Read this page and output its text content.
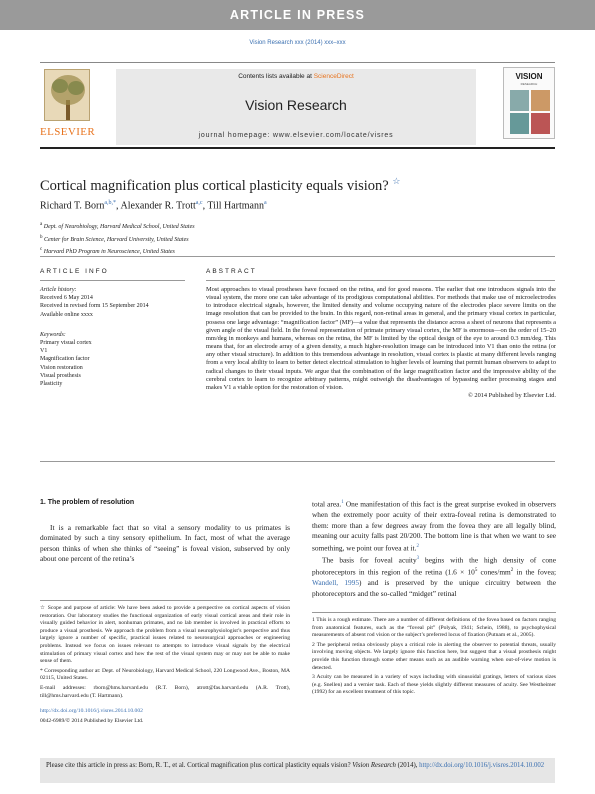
ARTICLE IN PRESS
Vision Research xxx (2014) xxx–xxx
ELSEVIER
Contents lists available at ScienceDirect
Vision Research
journal homepage: www.elsevier.com/locate/visres
VISION
RESEARCH
Cortical magnification plus cortical plasticity equals vision? ☆
Richard T. Born$^{a,b,*}$, Alexander R. Trott$^{a,c}$, Till Hartmann$^a$
$^a$ Dept. of Neurobiology, Harvard Medical School, United States
$^b$ Center for Brain Science, Harvard University, United States
$^c$ Harvard PhD Program in Neuroscience, United States
ARTICLE INFO	ABSTRACT
Article history:
Received 6 May 2014
Received in revised form 15 September 2014
Available online xxxx
Keywords:
Primary visual cortex
V1
Magnification factor
Vision restoration
Visual prosthesis
Plasticity
Most approaches to visual prostheses have focused on the retina, and for good reasons. The earlier that one introduces signals into the visual system, the more one can take advantage of its prodigious computational abilities. For methods that make use of microelectrodes to introduce electrical signals, however, the limited density and volume occupying nature of the electrodes place severe limits on the image resolution that can be provided to the brain. In this regard, non-retinal areas in general, and the primary visual cortex in particular, possess one large advantage: “magnification factor” (MF)—a value that represents the distance across a sheet of neurons that represents a given angle of the visual field. In the foveal representation of primate primary visual cortex, the MF is enormous—on the order of 15–20 mm/deg in monkeys and humans, whereas on the retina, the MF is limited by the optical design of the eye to around 0.3 mm/deg. This means that, for an electrode array of a given density, a much higher-resolution image can be introduced into V1 than onto the retina (or any other visual structure). In addition to this tremendous advantage in resolution, visual cortex is plastic at many different levels ranging from a very local ability to learn to better detect electrical stimulation to higher levels of learning that permit human observers to adapt to radical changes to their visual inputs. We argue that the combination of the large magnification factor and the impressive ability of the cerebral cortex to learn to recognize arbitrary patterns, might outweigh the disadvantages of bypassing earlier processing stages and makes V1 a viable option for the restoration of vision.
© 2014 Published by Elsevier Ltd.
1. The problem of resolution
It is a remarkable fact that so vital a sensory modality to us primates is dominated by such a tiny sensory epithelium. In fact, most of what the average person thinks of when she thinks of “seeing” is foveal vision, subserved by only about one percent of the retina’s
total area.$^1$ One manifestation of this fact is the great surprise evoked in observers when the extremely poor acuity of their extra-foveal retina is demonstrated to them: more than a few degrees away from the fovea they are all legally blind, meaning our acuity falls past 20/200. The bottom line is that when we want to see something, we point our fovea at it.$^2$
The basis for foveal acuity$^3$ begins with the high density of cone photoreceptors in this region of the retina ($1.6 \times 10^5$ cones/$mm^2$ in the fovea; Wandell, 1995) and is preserved by the unique circuitry between the photoreceptors and the so-called “midget” retinal

☆ Scope and purpose of article: We have been asked to provide a perspective on cortical aspects of vision restoration. Our laboratory studies the functional organization of early visual cortical areas and their role in visually guided behavior in alert, nonhuman primates, and no lab member is involved in practical efforts to produce a visual prosthesis. We approach the problem from a visual neurophysiologist’s perspective and thus largely ignore a number of specific, practical issues related to neurosurgical approaches or engineering problems. Instead we focus on issues relevant to attempts to introduce visual signals by the electrical stimulation of primary visual cortex and how the rest of the visual system may or may not be able to make sense of them.

* Corresponding author at: Dept. of Neurobiology, Harvard Medical School, 220 Longwood Ave., Boston, MA 02115, United States.

E-mail addresses: rborn@hms.harvard.edu (R.T. Born), atrott@fas.harvard.edu (A.R. Trott), till@hms.harvard.edu (T. Hartmann).

http://dx.doi.org/10.1016/j.visres.2014.10.002

0042-6989/© 2014 Published by Elsevier Ltd.

1 This is a rough estimate. There are a number of different definitions of the fovea based on factors ranging from anatomical features, such as the “foveal pit” (Polyak, 1941; Schein, 1988), to psychophysical measurements of absent rod vision or the subject’s preferred locus of fixation (Putnam et al., 2005).

2 The peripheral retina obviously plays a critical role in alerting the observer to potential threats, usually involving moving objects. We largely ignore this function here, but suggest that a visual prosthesis might provide this function through some other means such as an audible warning when out-of-view motion is detected.

3 Acuity can be measured in a variety of ways including with sinusoidal gratings, letters of various sizes (e.g. Snellen) and a vernier task. Each of these yields slightly different measures of acuity. See Westheimer (1992) for an excellent treatment of this topic.

Please cite this article in press as: Born, R. T., et al. Cortical magnification plus cortical plasticity equals vision? Vision Research (2014), http://dx.doi.org/10.1016/j.visres.2014.10.002
